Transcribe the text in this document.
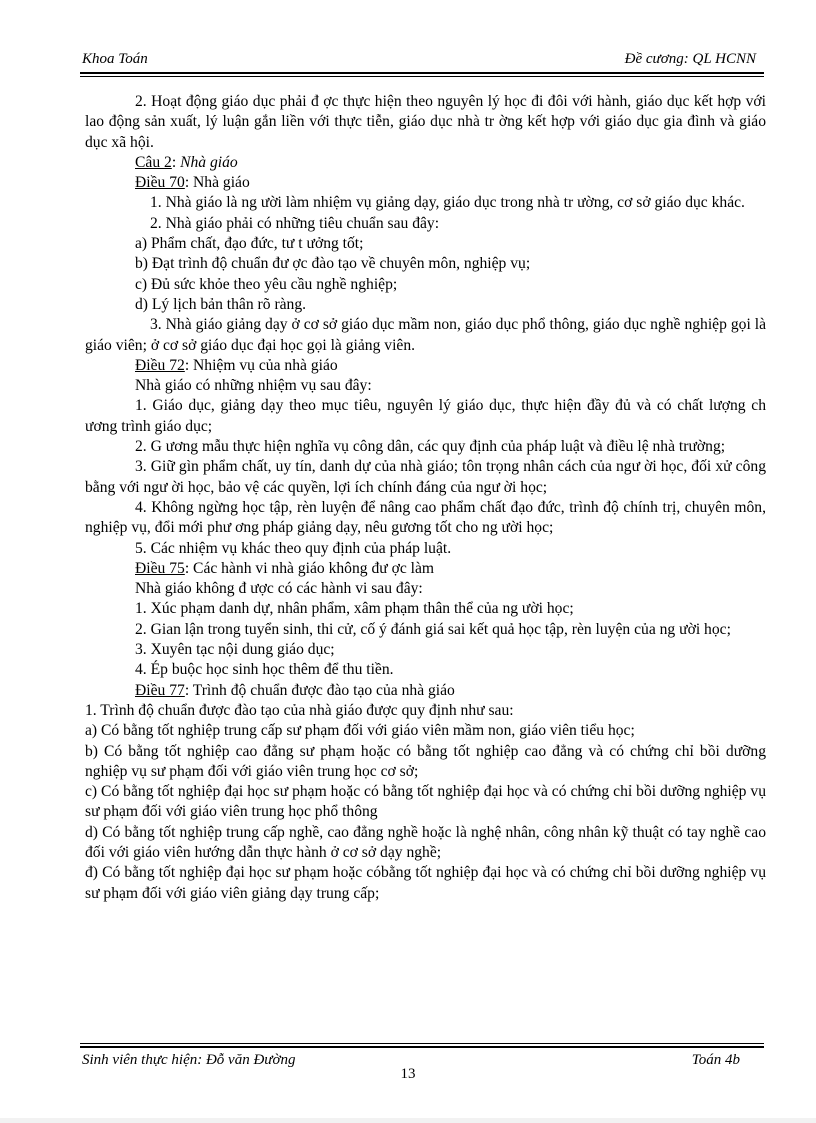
Khoa Toán	Đề cương: QL HCNN

2. Hoạt động giáo dục phải đ ợc thực hiện theo nguyên lý học đi đôi với hành, giáo dục kết hợp với lao động sản xuất, lý luận gắn liền với thực tiễn, giáo dục nhà tr ờng kết hợp với giáo dục gia đình và giáo dục xã hội.

Câu 2: Nhà giáo

Điều 70: Nhà giáo

1. Nhà giáo là ng ười làm nhiệm vụ giảng dạy, giáo dục trong nhà tr ường, cơ sở giáo dục khác.

2. Nhà giáo phải có những tiêu chuẩn sau đây:

a) Phẩm chất, đạo đức, tư t ưởng tốt;

b) Đạt trình độ chuẩn đư ợc đào tạo về chuyên môn, nghiệp vụ;

c) Đủ sức khỏe theo yêu cầu nghề nghiệp;

d) Lý lịch bản thân rõ ràng.

3. Nhà giáo giảng dạy ở cơ sở giáo dục mầm non, giáo dục phổ thông, giáo dục nghề nghiệp gọi là giáo viên; ở cơ sở giáo dục đại học gọi là giảng viên.

Điều 72: Nhiệm vụ của nhà giáo

Nhà giáo có những nhiệm vụ sau đây:

1. Giáo dục, giảng dạy theo mục tiêu, nguyên lý giáo dục, thực hiện đầy đủ và có chất lượng ch ương trình giáo dục;

2. G ương mẫu thực hiện nghĩa vụ công dân, các quy định của pháp luật và điều lệ nhà trường;

3. Giữ gìn phẩm chất, uy tín, danh dự của nhà giáo; tôn trọng nhân cách của ngư ời học, đối xử công bằng với ngư ời học, bảo vệ các quyền, lợi ích chính đáng của ngư ời học;

4. Không ngừng học tập, rèn luyện để nâng cao phẩm chất đạo đức, trình độ chính trị, chuyên môn, nghiệp vụ, đổi mới phư ơng pháp giảng dạy, nêu gương tốt cho ng ười học;

5. Các nhiệm vụ khác theo quy định của pháp luật.

Điều 75: Các hành vi nhà giáo không đư ợc làm

Nhà giáo không đ ược có các hành vi sau đây:

1. Xúc phạm danh dự, nhân phẩm, xâm phạm thân thể của ng ười học;

2. Gian lận trong tuyển sinh, thi cử, cố ý đánh giá sai kết quả học tập, rèn luyện của ng ười học;

3. Xuyên tạc nội dung giáo dục;

4. Ép buộc học sinh học thêm để thu tiền.

Điều 77: Trình độ chuẩn được đào tạo của nhà giáo

1. Trình độ chuẩn được đào tạo của nhà giáo được quy định như sau:

a) Có bằng tốt nghiệp trung cấp sư phạm đối với giáo viên mầm non, giáo viên tiểu học;

b) Có bằng tốt nghiệp cao đẳng sư phạm hoặc có bằng tốt nghiệp cao đẳng và có chứng chỉ bồi dưỡng nghiệp vụ sư phạm đối với giáo viên trung học cơ sở;

c) Có bằng tốt nghiệp đại học sư phạm hoặc có bằng tốt nghiệp đại học và có chứng chỉ bồi dưỡng nghiệp vụ sư phạm đối với giáo viên trung học phổ thông

d) Có bằng tốt nghiệp trung cấp nghề, cao đẳng nghề hoặc là nghệ nhân, công nhân kỹ thuật có tay nghề cao đối với giáo viên hướng dẫn thực hành ở cơ sở dạy nghề;

đ) Có bằng tốt nghiệp đại học sư phạm hoặc cóbằng tốt nghiệp đại học và có chứng chỉ bồi dưỡng nghiệp vụ sư phạm đối với giáo viên giảng dạy trung cấp;

Sinh viên thực hiện: Đỗ văn Đường	Toán 4b
13
